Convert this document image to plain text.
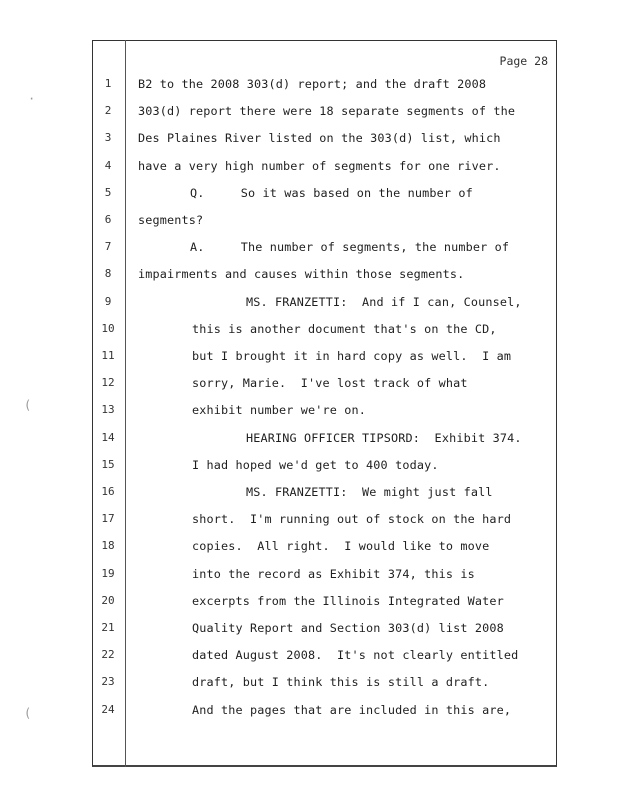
Page 28
·
(
(
1	B2 to the 2008 303(d) report; and the draft 2008
2	303(d) report there were 18 separate segments of the
3	Des Plaines River listed on the 303(d) list, which
4	have a very high number of segments for one river.
5	Q.     So it was based on the number of
6	segments?
7	A.     The number of segments, the number of
8	impairments and causes within those segments.
9	MS. FRANZETTI:  And if I can, Counsel,
10	this is another document that's on the CD,
11	but I brought it in hard copy as well.  I am
12	sorry, Marie.  I've lost track of what
13	exhibit number we're on.
14	HEARING OFFICER TIPSORD:  Exhibit 374.
15	I had hoped we'd get to 400 today.
16	MS. FRANZETTI:  We might just fall
17	short.  I'm running out of stock on the hard
18	copies.  All right.  I would like to move
19	into the record as Exhibit 374, this is
20	excerpts from the Illinois Integrated Water
21	Quality Report and Section 303(d) list 2008
22	dated August 2008.  It's not clearly entitled
23	draft, but I think this is still a draft.
24	And the pages that are included in this are,
